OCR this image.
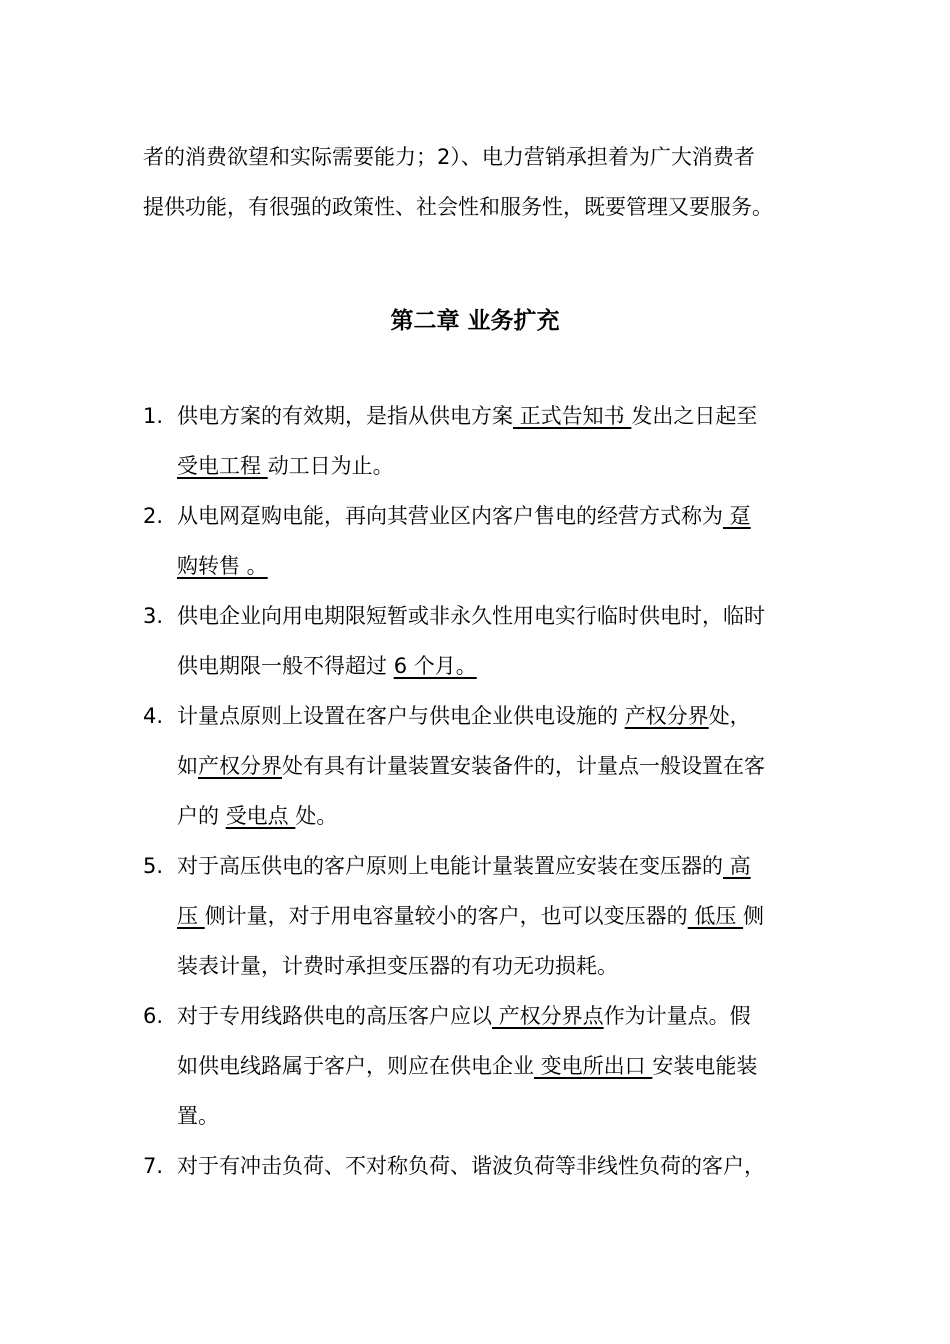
者的消费欲望和实际需要能力；2）、电力营销承担着为广大消费者

提供功能，有很强的政策性、社会性和服务性，既要管理又要服务。

第二章 业务扩充
1. 供电方案的有效期，是指从供电方案 正式告知书 发出之日起至
受电工程 动工日为止。
2. 从电网趸购电能，再向其营业区内客户售电的经营方式称为 趸
购转售 。
3. 供电企业向用电期限短暂或非永久性用电实行临时供电时，临时
供电期限一般不得超过 6 个月。
4. 计量点原则上设置在客户与供电企业供电设施的 产权分界处，
如产权分界处有具有计量装置安装备件的，计量点一般设置在客
户的 受电点 处。
5. 对于高压供电的客户原则上电能计量装置应安装在变压器的 高
压 侧计量，对于用电容量较小的客户，也可以变压器的 低压 侧
装表计量，计费时承担变压器的有功无功损耗。
6. 对于专用线路供电的高压客户应以 产权分界点作为计量点。假
如供电线路属于客户，则应在供电企业 变电所出口 安装电能装
置。
7. 对于有冲击负荷、不对称负荷、谐波负荷等非线性负荷的客户，
